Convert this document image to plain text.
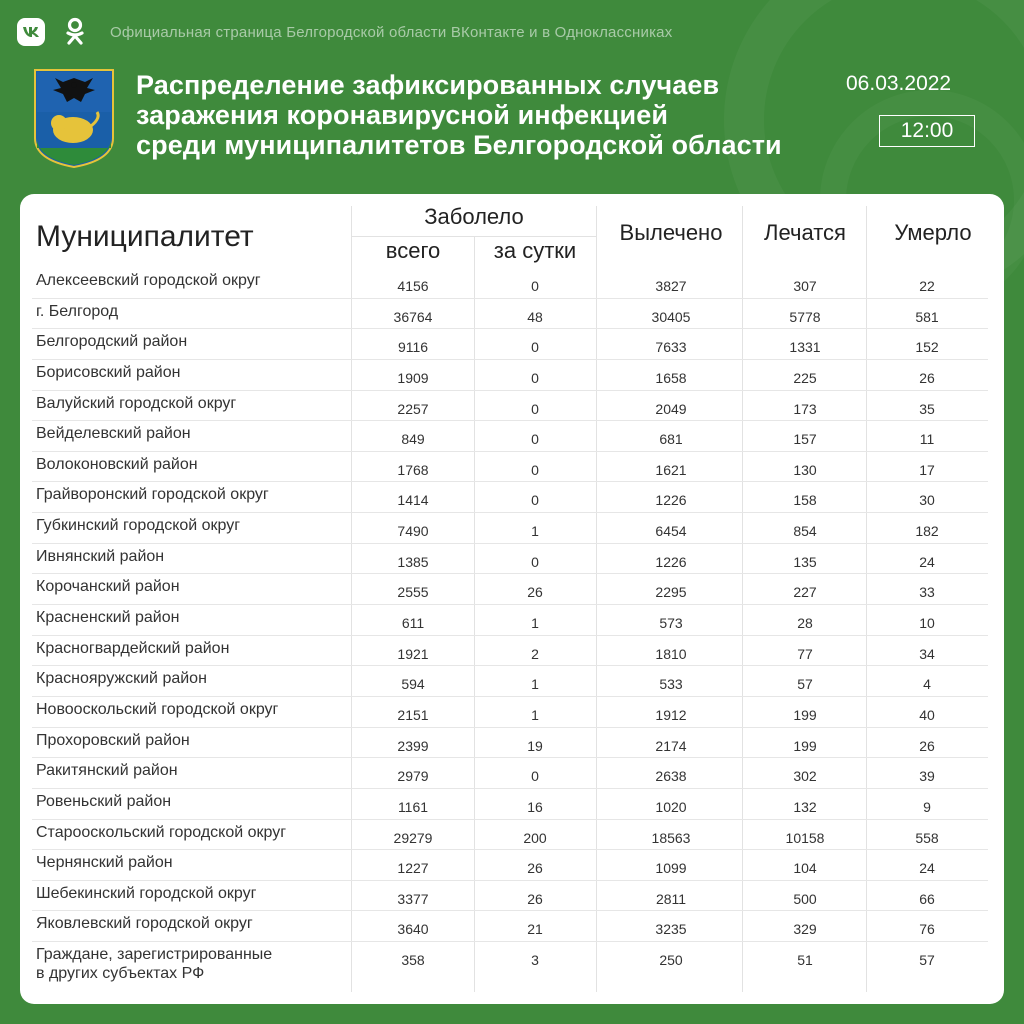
Официальная страница Белгородской области ВКонтакте и в Одноклассниках
Распределение зафиксированных случаев
заражения коронавирусной инфекцией
среди муниципалитетов Белгородской области
06.03.2022
12:00
Муниципалитет
Заболело
всего	за сутки
Вылечено	Лечатся	Умерло
Алексеевский городской округ	4156	0	3827	307	22
г. Белгород	36764	48	30405	5778	581
Белгородский район	9116	0	7633	1331	152
Борисовский район	1909	0	1658	225	26
Валуйский городской округ	2257	0	2049	173	35
Вейделевский район	849	0	681	157	11
Волоконовский район	1768	0	1621	130	17
Грайворонский городской округ	1414	0	1226	158	30
Губкинский городской округ	7490	1	6454	854	182
Ивнянский район	1385	0	1226	135	24
Корочанский район	2555	26	2295	227	33
Красненский район	611	1	573	28	10
Красногвардейский район	1921	2	1810	77	34
Краснояружский район	594	1	533	57	4
Новооскольский городской округ	2151	1	1912	199	40
Прохоровский район	2399	19	2174	199	26
Ракитянский район	2979	0	2638	302	39
Ровеньский район	1161	16	1020	132	9
Старооскольский городской округ	29279	200	18563	10158	558
Чернянский район	1227	26	1099	104	24
Шебекинский городской округ	3377	26	2811	500	66
Яковлевский городской округ	3640	21	3235	329	76
Граждане, зарегистрированные
в других субъектах РФ
358	3	250	51	57
